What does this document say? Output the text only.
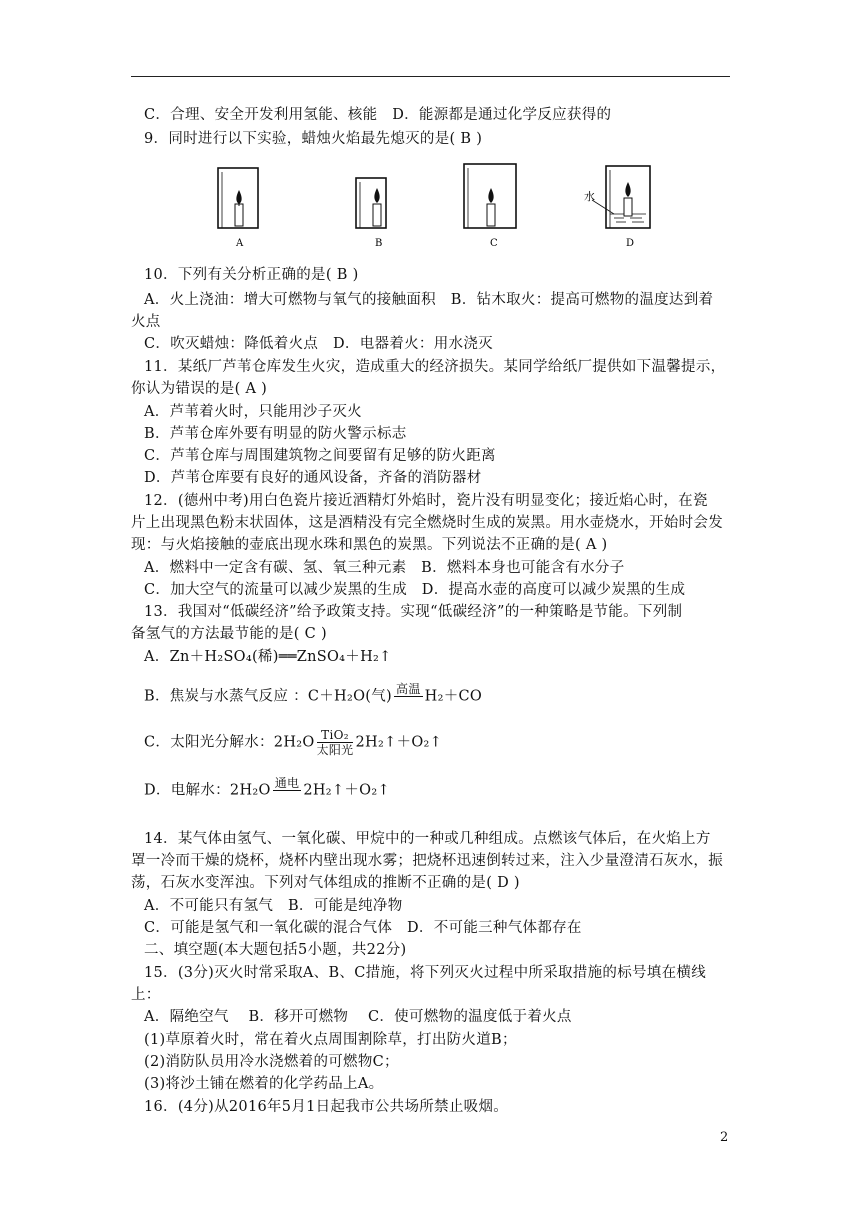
C．合理、安全开发利用氢能、核能　D．能源都是通过化学反应获得的
9．同时进行以下实验，蜡烛火焰最先熄灭的是( B )
水
A	B	C	D
10．下列有关分析正确的是( B )
A．火上浇油：增大可燃物与氧气的接触面积　B．钻木取火：提高可燃物的温度达到着
火点
C．吹灭蜡烛：降低着火点　D．电器着火：用水浇灭
11．某纸厂芦苇仓库发生火灾，造成重大的经济损失。某同学给纸厂提供如下温馨提示，
你认为错误的是( A )
A．芦苇着火时，只能用沙子灭火
B．芦苇仓库外要有明显的防火警示标志
C．芦苇仓库与周围建筑物之间要留有足够的防火距离
D．芦苇仓库要有良好的通风设备，齐备的消防器材
12．(德州中考)用白色瓷片接近酒精灯外焰时，瓷片没有明显变化；接近焰心时，在瓷
片上出现黑色粉末状固体，这是酒精没有完全燃烧时生成的炭黑。用水壶烧水，开始时会发
现：与火焰接触的壶底出现水珠和黑色的炭黑。下列说法不正确的是( A )
A．燃料中一定含有碳、氢、氧三种元素　B．燃料本身也可能含有水分子
C．加大空气的流量可以减少炭黑的生成　D．提高水壶的高度可以减少炭黑的生成
13．我国对“低碳经济”给予政策支持。实现“低碳经济”的一种策略是节能。下列制
备氢气的方法最节能的是( C )
A．Zn＋H₂SO₄(稀)══ZnSO₄＋H₂↑
B．焦炭与水蒸气反应 ：C＋H₂O(气) 高温 H₂＋CO
C．太阳光分解水：2H₂O TiO₂
太阳光 2H₂↑＋O₂↑
D．电解水：2H₂O 通电 2H₂↑＋O₂↑
14．某气体由氢气、一氧化碳、甲烷中的一种或几种组成。点燃该气体后，在火焰上方
罩一冷而干燥的烧杯，烧杯内壁出现水雾；把烧杯迅速倒转过来，注入少量澄清石灰水，振
荡，石灰水变浑浊。下列对气体组成的推断不正确的是( D )
A．不可能只有氢气　B．可能是纯净物
C．可能是氢气和一氧化碳的混合气体　D．不可能三种气体都存在
二、填空题(本大题包括5小题，共22分)
15．(3分)灭火时常采取A、B、C措施，将下列灭火过程中所采取措施的标号填在横线
上：
A．隔绝空气　 B．移开可燃物　 C．使可燃物的温度低于着火点
(1)草原着火时，常在着火点周围割除草，打出防火道B；
(2)消防队员用冷水浇燃着的可燃物C；
(3)将沙土铺在燃着的化学药品上A。
16．(4分)从2016年5月1日起我市公共场所禁止吸烟。
2
